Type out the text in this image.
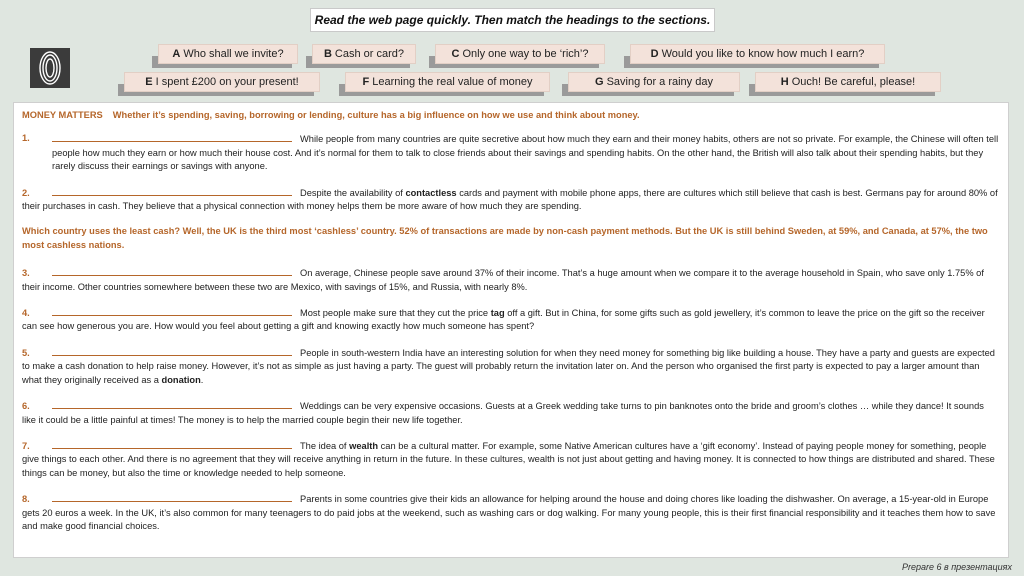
Read the web page quickly. Then match the headings to the sections.
A Who shall we invite?	B Cash or card?	C Only one way to be ‘rich’?	D Would you like to know how much I earn?
E I spent £200 on your present!	F Learning the real value of money	G Saving for a rainy day	H Ouch! Be careful, please!
MONEY MATTERS Whether it’s spending, saving, borrowing or lending, culture has a big influence on how we use and think about money.
1.	While people from many countries are quite secretive about how much they earn and their money habits, others are not so private. For example, the Chinese will often tell people how much they earn or how much their house cost. And it’s normal for them to talk to close friends about their savings and spending habits. On the other hand, the British will also talk about their spending habits, but they rarely discuss their earnings or savings with anyone.
2.	Despite the availability of contactless cards and payment with mobile phone apps, there are cultures which still believe that cash is best. Germans pay for around 80% of their purchases in cash. They believe that a physical connection with money helps them be more aware of how much they are spending.
Which country uses the least cash? Well, the UK is the third most ‘cashless’ country. 52% of transactions are made by non-cash payment methods. But the UK is still behind Sweden, at 59%, and Canada, at 57%, the two most cashless nations.
3.	On average, Chinese people save around 37% of their income. That’s a huge amount when we compare it to the average household in Spain, who save only 1.75% of their income. Other countries somewhere between these two are Mexico, with savings of 15%, and Russia, with nearly 8%.
4.	Most people make sure that they cut the price tag off a gift. But in China, for some gifts such as gold jewellery, it’s common to leave the price on the gift so the receiver can see how generous you are. How would you feel about getting a gift and knowing exactly how much someone has spent?
5.	People in south-western India have an interesting solution for when they need money for something big like building a house. They have a party and guests are expected to make a cash donation to help raise money. However, it’s not as simple as just having a party. The guest will probably return the invitation later on. And the person who organised the first party is expected to pay a larger amount than what they originally received as a donation.
6.	Weddings can be very expensive occasions. Guests at a Greek wedding take turns to pin banknotes onto the bride and groom’s clothes … while they dance! It sounds like it could be a little painful at times! The money is to help the married couple begin their new life together.
7.	The idea of wealth can be a cultural matter. For example, some Native American cultures have a ‘gift economy’. Instead of paying people money for something, people give things to each other. And there is no agreement that they will receive anything in return in the future. In these cultures, wealth is not just about getting and having money. It is connected to how things are distributed and shared. These things can be money, but also the time or knowledge needed to help someone.
8.	Parents in some countries give their kids an allowance for helping around the house and doing chores like loading the dishwasher. On average, a 15-year-old in Europe gets 20 euros a week. In the UK, it’s also common for many teenagers to do paid jobs at the weekend, such as washing cars or dog walking. For many young people, this is their first financial responsibility and it teaches them how to save and make good financial choices.
Prepare 6 в презентациях
